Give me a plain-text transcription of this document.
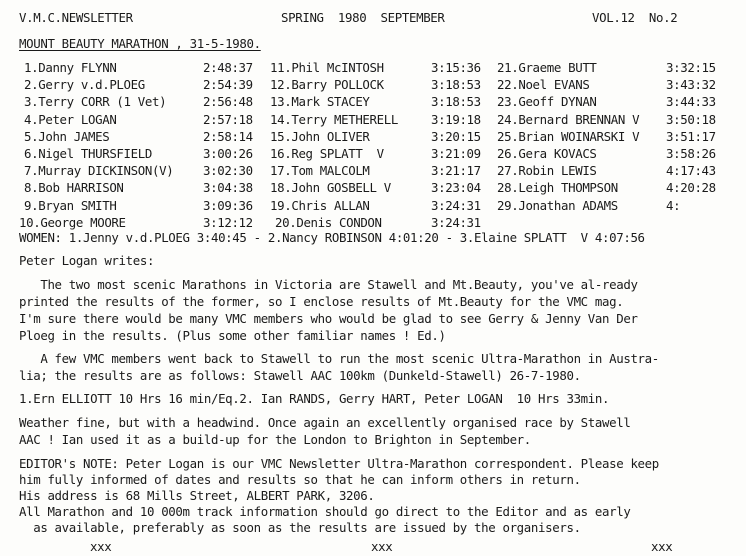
V.M.C.NEWSLETTER	SPRING  1980  SEPTEMBER	VOL.12  No.2
MOUNT BEAUTY MARATHON , 31-5-1980.
1.Danny FLYNN	2:48:37
2.Gerry v.d.PLOEG	2:54:39
3.Terry CORR (1 Vet)	2:56:48
4.Peter LOGAN	2:57:18
5.John JAMES	2:58:14
6.Nigel THURSFIELD	3:00:26
7.Murray DICKINSON(V) 3:02:30
8.Bob HARRISON	3:04:38
9.Bryan SMITH	3:09:36
10.George MOORE	3:12:12
11.Phil McINTOSH	3:15:36
12.Barry POLLOCK	3:18:53
13.Mark STACEY	3:18:53
14.Terry METHERELL	3:19:18
15.John OLIVER	3:20:15
16.Reg SPLATT  V	3:21:09
17.Tom MALCOLM	3:21:17
18.John GOSBELL V	3:23:04
19.Chris ALLAN	3:24:31
20.Denis CONDON	3:24:31
21.Graeme BUTT	3:32:15
22.Noel EVANS	3:43:32
23.Geoff DYNAN	3:44:33
24.Bernard BRENNAN V 3:50:18
25.Brian WOINARSKI V 3:51:17
26.Gera KOVACS	3:58:26
27.Robin LEWIS	4:17:43
28.Leigh THOMPSON	4:20:28
29.Jonathan ADAMS	4:
WOMEN: 1.Jenny v.d.PLOEG 3:40:45 - 2.Nancy ROBINSON 4:01:20 - 3.Elaine SPLATT  V 4:07:56
Peter Logan writes:
The two most scenic Marathons in Victoria are Stawell and Mt.Beauty, you've al-ready
printed the results of the former, so I enclose results of Mt.Beauty for the VMC mag.
I'm sure there would be many VMC members who would be glad to see Gerry & Jenny Van Der
Ploeg in the results. (Plus some other familiar names ! Ed.)
A few VMC members went back to Stawell to run the most scenic Ultra-Marathon in Austra-
lia; the results are as follows: Stawell AAC 100km (Dunkeld-Stawell) 26-7-1980.
1.Ern ELLIOTT 10 Hrs 16 min/Eq.2. Ian RANDS, Gerry HART, Peter LOGAN  10 Hrs 33min.
Weather fine, but with a headwind. Once again an excellently organised race by Stawell
AAC ! Ian used it as a build-up for the London to Brighton in September.
EDITOR's NOTE: Peter Logan is our VMC Newsletter Ultra-Marathon correspondent. Please keep
him fully informed of dates and results so that he can inform others in return.
His address is 68 Mills Street, ALBERT PARK, 3206.
All Marathon and 10 000m track information should go direct to the Editor and as early
as available, preferably as soon as the results are issued by the organisers.
xxx	xxx	xxx
